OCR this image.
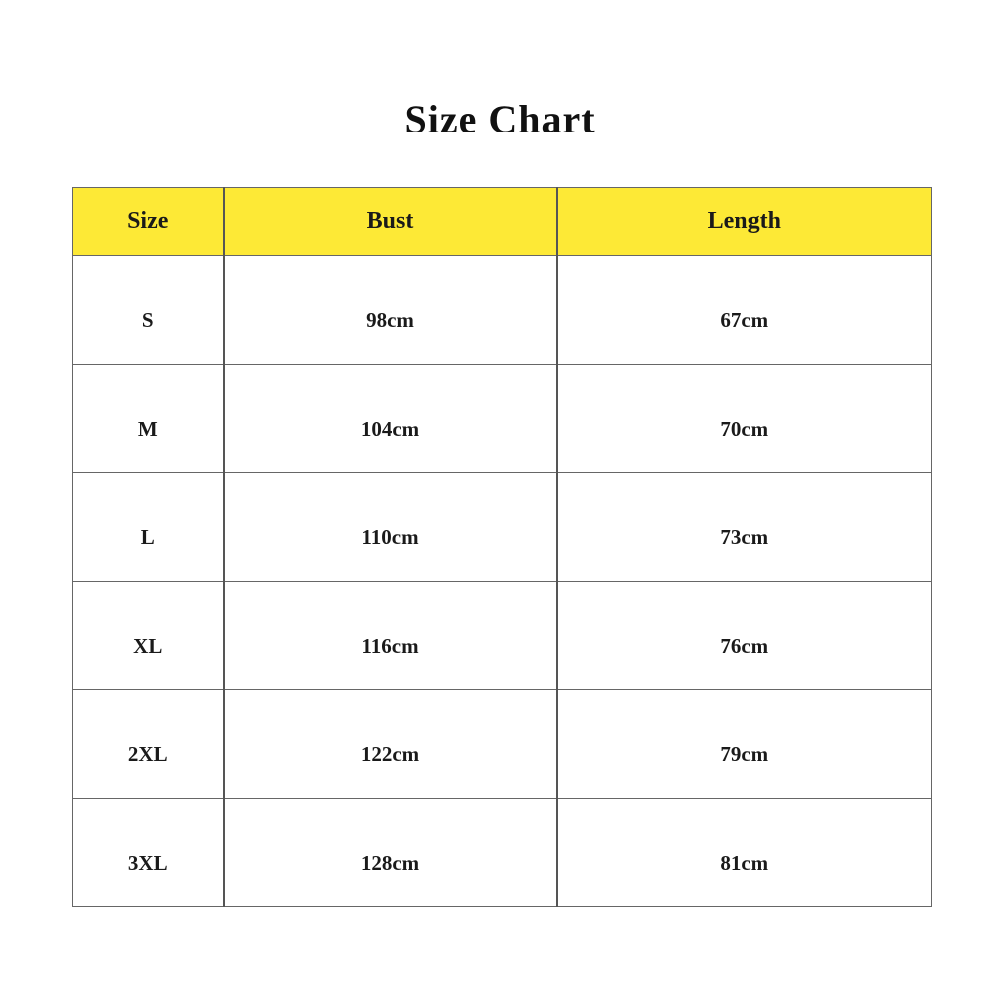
Size Chart
Size	Bust	Length
S	98cm	67cm
M	104cm	70cm
L	110cm	73cm
XL	116cm	76cm
2XL	122cm	79cm
3XL	128cm	81cm
